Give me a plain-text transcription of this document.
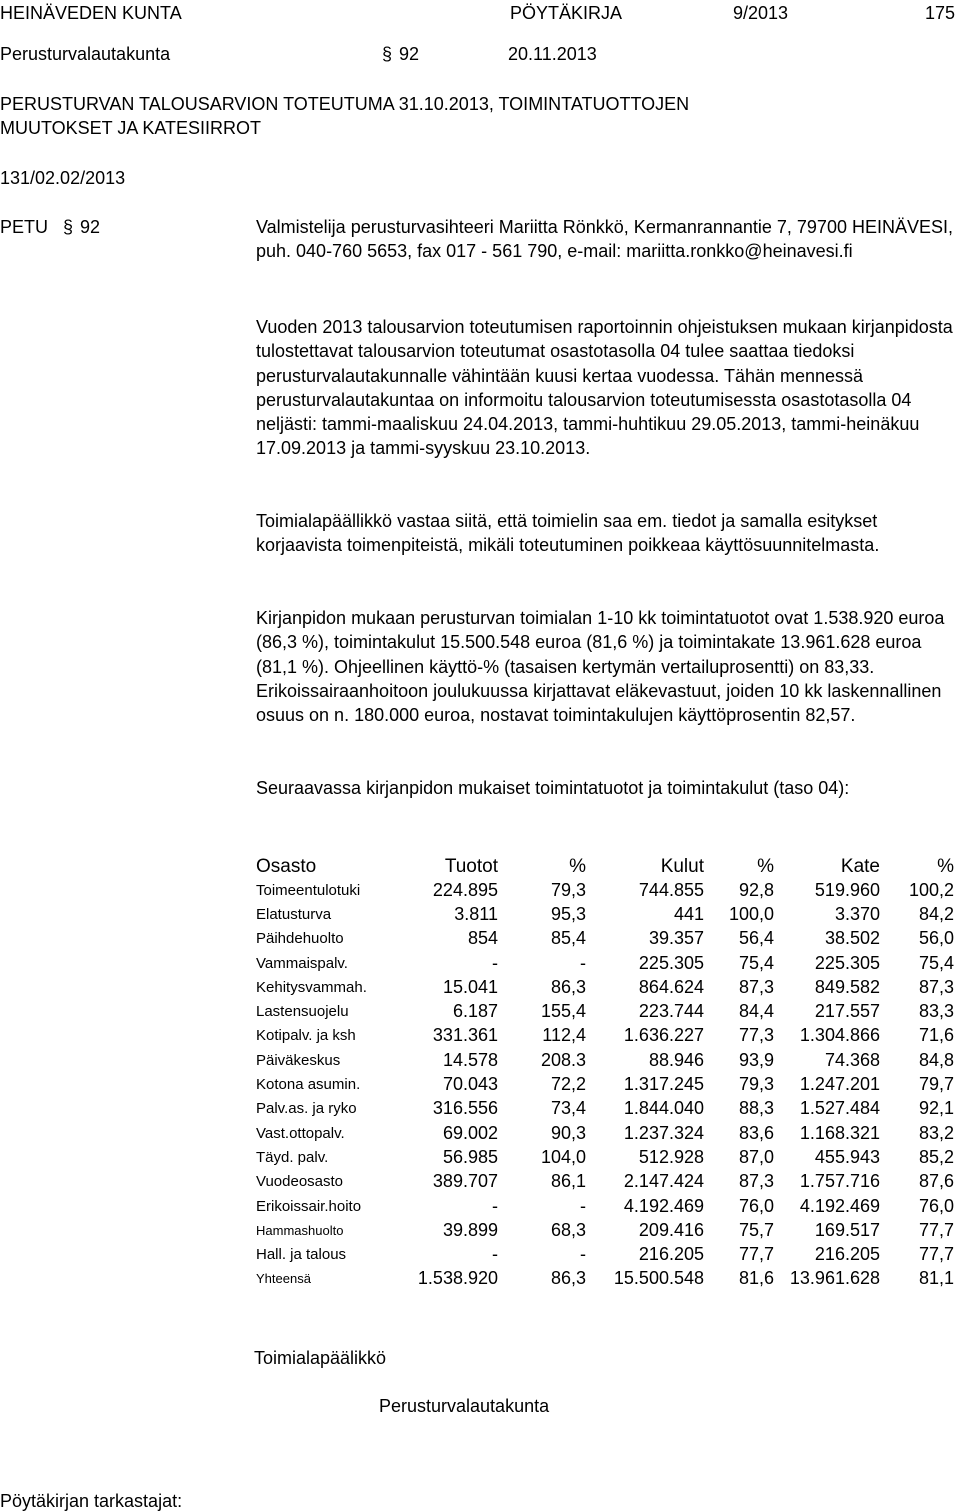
HEINÄVEDEN KUNTA	PÖYTÄKIRJA	9/2013	175
Perusturvalautakunta	§ 92	20.11.2013
PERUSTURVAN TALOUSARVION TOTEUTUMA 31.10.2013, TOIMINTATUOTTOJEN
MUUTOKSET JA KATESIIRROT
131/02.02/2013
PETU § 92	Valmistelija perusturvasihteeri Mariitta Rönkkö, Kermanrannantie 7, 79700 HEINÄVESI, puh. 040-760 5653, fax 017 - 561 790, e-mail: mariitta.ronkko@heinavesi.fi

Vuoden 2013 talousarvion toteutumisen raportoinnin ohjeistuksen mukaan kirjanpidosta tulostettavat talousarvion toteutumat osastotasolla 04 tulee saattaa tiedoksi perusturvalautakunnalle vähintään kuusi kertaa vuodessa. Tähän mennessä perusturvalautakuntaa on informoitu talousarvion toteutumisessta osastotasolla 04 neljästi: tammi-maaliskuu 24.04.2013, tammi-huhtikuu 29.05.2013, tammi-heinäkuu 17.09.2013 ja tammi-syyskuu 23.10.2013.

Toimialapäällikkö vastaa siitä, että toimielin saa em. tiedot ja samalla esitykset korjaavista toimenpiteistä, mikäli toteutuminen poikkeaa käyttösuunnitelmasta.

Kirjanpidon mukaan perusturvan toimialan 1-10 kk toimintatuotot ovat 1.538.920 euroa (86,3 %), toimintakulut 15.500.548 euroa (81,6 %) ja toimintakate 13.961.628 euroa (81,1 %). Ohjeellinen käyttö-% (tasaisen kertymän vertailuprosentti) on 83,33. Erikoissairaanhoitoon joulukuussa kirjattavat eläkevastuut, joiden 10 kk laskennallinen osuus on n. 180.000 euroa, nostavat toimintakulujen käyttöprosentin 82,57.

Seuraavassa kirjanpidon mukaiset toimintatuotot ja toimintakulut (taso 04):

Osasto	Tuotot	%	Kulut	%	Kate	%
Toimeentulotuki	224.895	79,3	744.855	92,8	519.960	100,2
Elatusturva	3.811	95,3	441	100,0	3.370	84,2
Päihdehuolto	854	85,4	39.357	56,4	38.502	56,0
Vammaispalv.	-	-	225.305	75,4	225.305	75,4
Kehitysvammah.	15.041	86,3	864.624	87,3	849.582	87,3
Lastensuojelu	6.187	155,4	223.744	84,4	217.557	83,3
Kotipalv. ja ksh	331.361	112,4	1.636.227	77,3	1.304.866	71,6
Päiväkeskus	14.578	208.3	88.946	93,9	74.368	84,8
Kotona asumin.	70.043	72,2	1.317.245	79,3	1.247.201	79,7
Palv.as. ja ryko	316.556	73,4	1.844.040	88,3	1.527.484	92,1
Vast.ottopalv.	69.002	90,3	1.237.324	83,6	1.168.321	83,2
Täyd. palv.	56.985	104,0	512.928	87,0	455.943	85,2
Vuodeosasto	389.707	86,1	2.147.424	87,3	1.757.716	87,6
Erikoissair.hoito	-	-	4.192.469	76,0	4.192.469	76,0
Hammashuolto	39.899	68,3	209.416	75,7	169.517	77,7
Hall. ja talous	-	-	216.205	77,7	216.205	77,7
Yhteensä	1.538.920	86,3	15.500.548	81,6	13.961.628	81,1
Toimialapäälikkö
Perusturvalautakunta
Pöytäkirjan tarkastajat:
